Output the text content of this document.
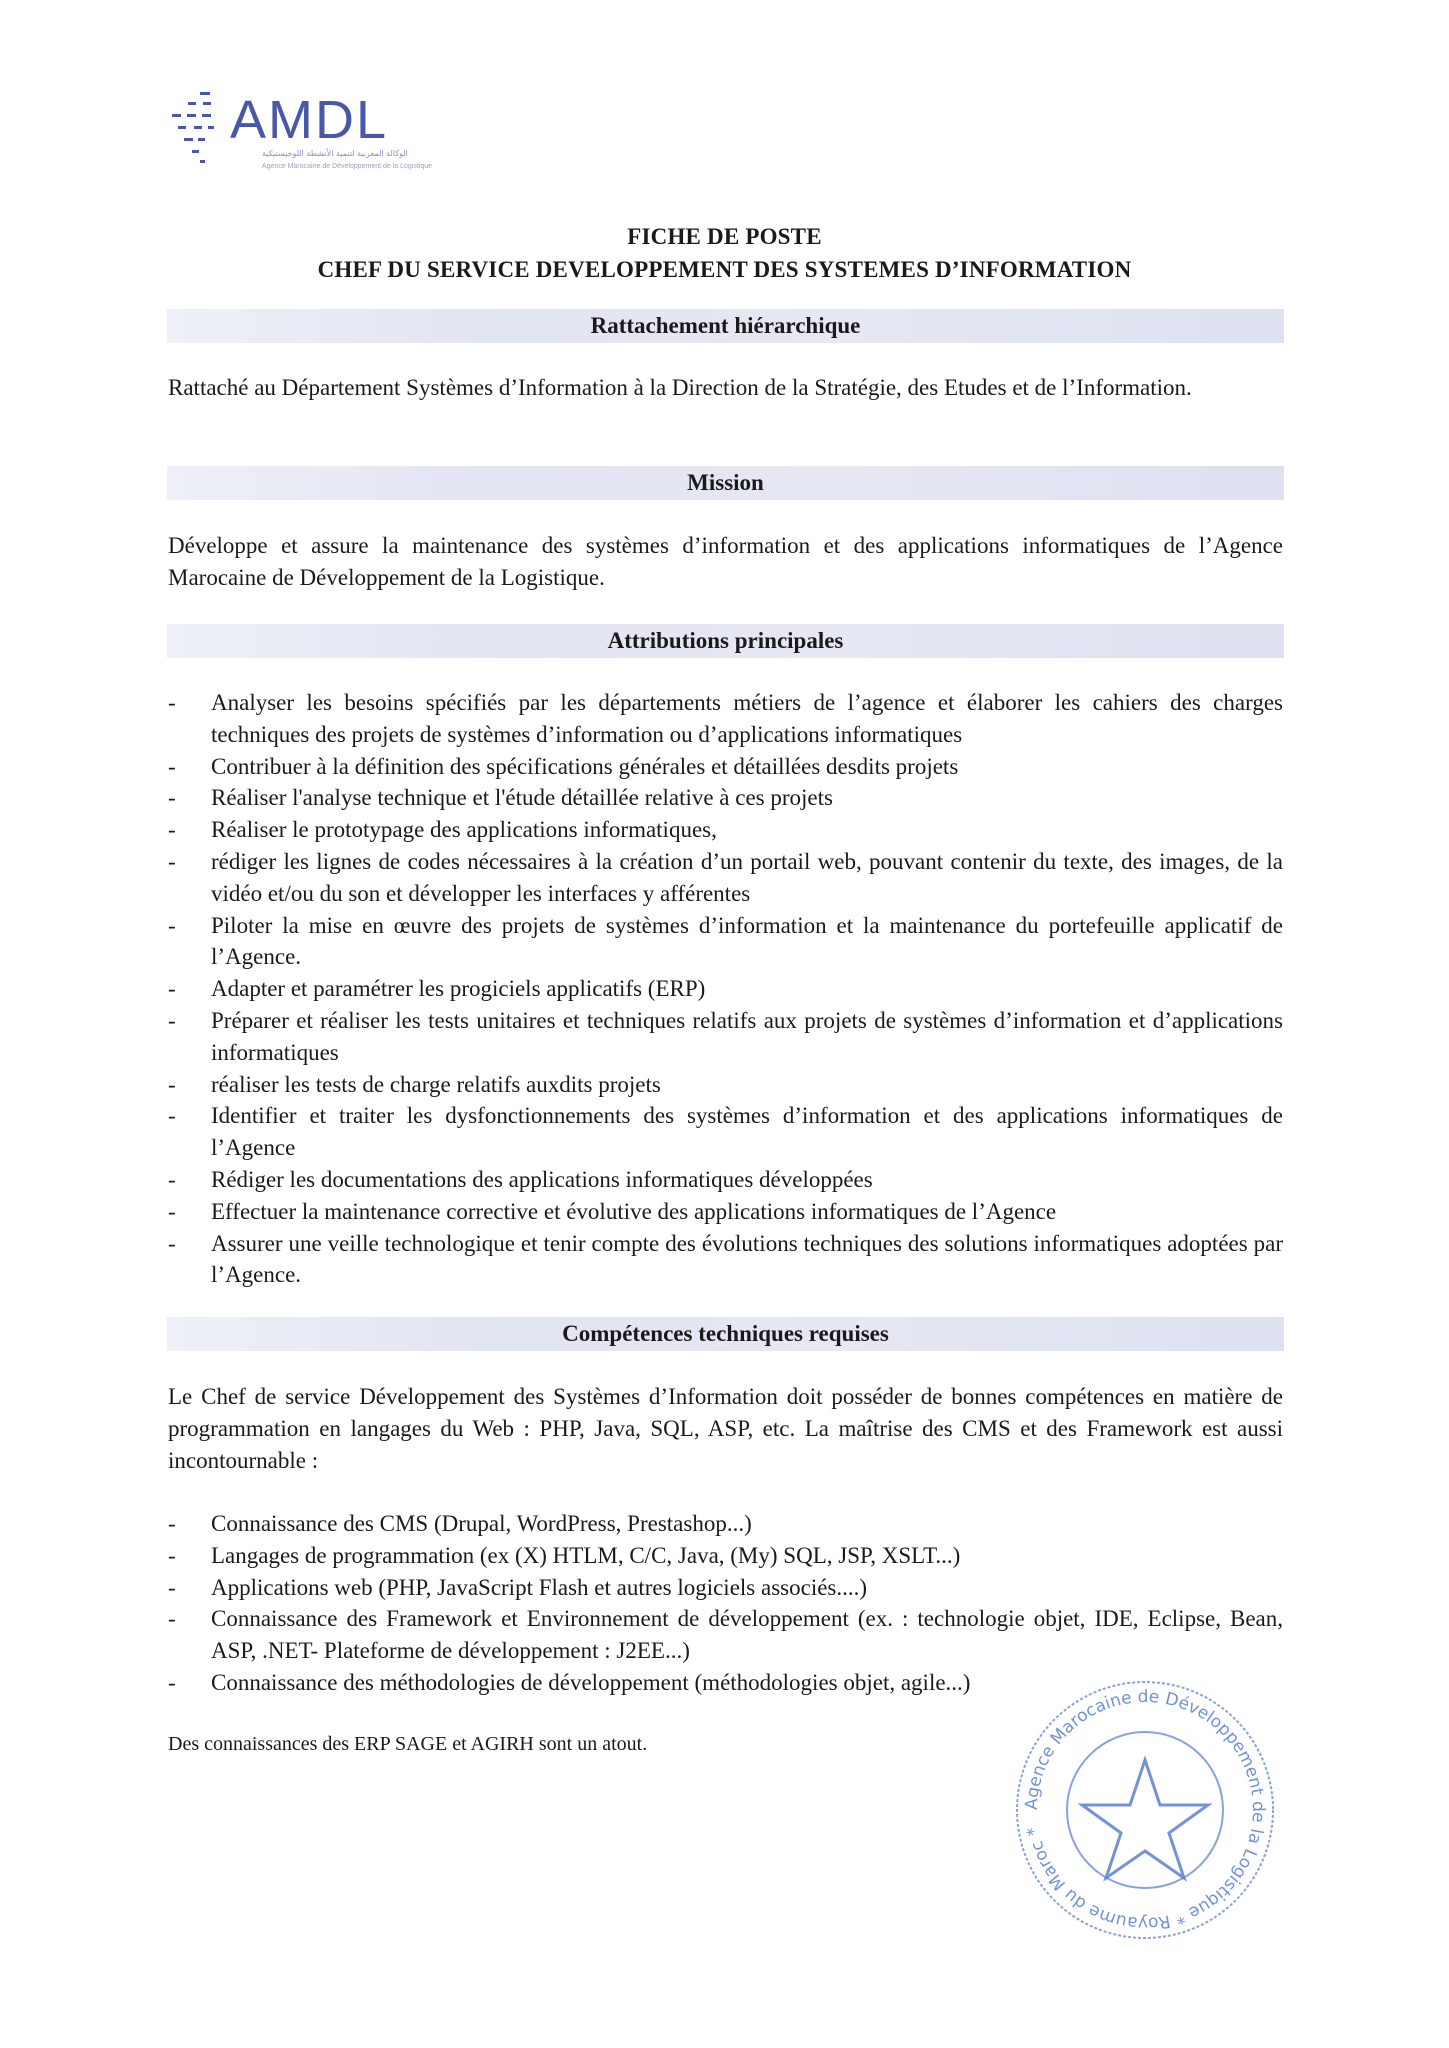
AMDL
الوكالة المغربية لتنمية الأنشطة اللوجيستيكية
Agence Marocaine de Développement de la Logistique
FICHE DE POSTE
CHEF DU SERVICE DEVELOPPEMENT DES SYSTEMES D’INFORMATION
Rattachement hiérarchique
Rattaché au Département Systèmes d’Information à la Direction de la Stratégie, des Etudes et de l’Information.
Mission
Développe et assure la maintenance des systèmes d’information et des applications informatiques de l’Agence Marocaine de Développement de la Logistique.
Attributions principales
- Analyser les besoins spécifiés par les départements métiers de l’agence et élaborer les cahiers des charges techniques des projets de systèmes d’information ou d’applications informatiques
- Contribuer à la définition des spécifications générales et détaillées desdits projets
- Réaliser l'analyse technique et l'étude détaillée relative à ces projets
- Réaliser le prototypage des applications informatiques,
- rédiger les lignes de codes nécessaires à la création d’un portail web, pouvant contenir du texte, des images, de la vidéo et/ou du son et développer les interfaces y afférentes
- Piloter la mise en œuvre des projets de systèmes d’information et la maintenance du portefeuille applicatif de l’Agence.
- Adapter et paramétrer les progiciels applicatifs (ERP)
- Préparer et réaliser les tests unitaires et techniques relatifs aux projets de systèmes d’information et d’applications informatiques
- réaliser les tests de charge relatifs auxdits projets
- Identifier et traiter les dysfonctionnements des systèmes d’information et des applications informatiques de l’Agence
- Rédiger les documentations des applications informatiques développées
- Effectuer la maintenance corrective et évolutive des applications informatiques de l’Agence
- Assurer une veille technologique et tenir compte des évolutions techniques des solutions informatiques adoptées par l’Agence.
Compétences techniques requises
Le Chef de service Développement des Systèmes d’Information doit posséder de bonnes compétences en matière de programmation en langages du Web : PHP, Java, SQL, ASP, etc. La maîtrise des CMS et des Framework est aussi incontournable :
- Connaissance des CMS (Drupal, WordPress, Prestashop...)
- Langages de programmation (ex (X) HTLM, C/C, Java, (My) SQL, JSP, XSLT...)
- Applications web (PHP, JavaScript Flash et autres logiciels associés....)
- Connaissance des Framework et Environnement de développement (ex. : technologie objet, IDE, Eclipse, Bean, ASP, .NET- Plateforme de développement : J2EE...)
- Connaissance des méthodologies de développement (méthodologies objet, agile...)
Des connaissances des ERP SAGE et AGIRH sont un atout.
Agence Marocaine de Développement de la Logistique * Royaume du Maroc *
